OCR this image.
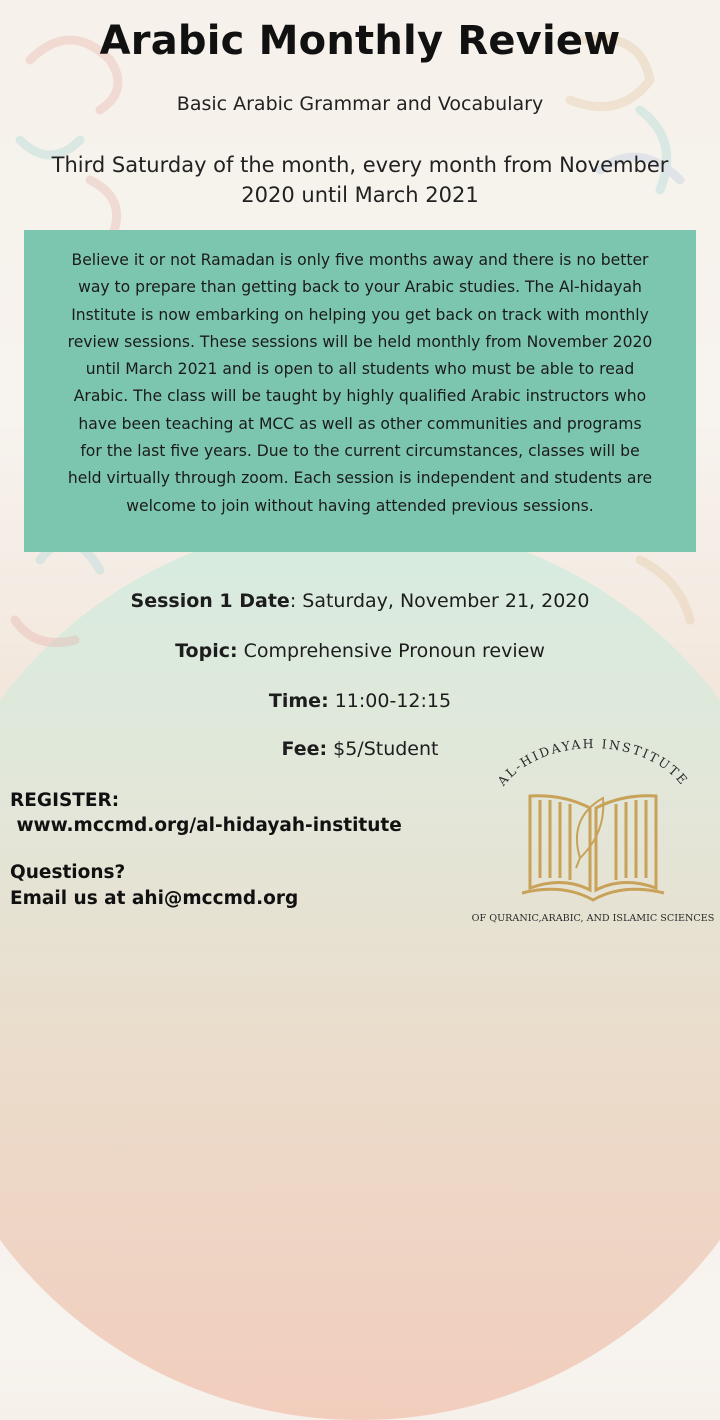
Arabic Monthly Review
Basic Arabic Grammar and Vocabulary
Third Saturday of the month, every month from November
2020 until March 2021

Believe it or not Ramadan is only five months away and there is no better
way to prepare than getting back to your Arabic studies. The Al-hidayah
Institute is now embarking on helping you get back on track with monthly
review sessions. These sessions will be held monthly from November 2020
until March 2021 and is open to all students who must be able to read
Arabic. The class will be taught by highly qualified Arabic instructors who
have been teaching at MCC as well as other communities and programs
for the last five years. Due to the current circumstances, classes will be
held virtually through zoom. Each session is independent and students are
welcome to join without having attended previous sessions.

Session 1 Date: Saturday, November 21, 2020
Topic: Comprehensive Pronoun review
Time: 11:00-12:15
Fee: $5/Student
REGISTER:
www.mccmd.org/al-hidayah-institute
Questions?
Email us at ahi@mccmd.org
AL-HIDAYAH INSTITUTE
OF QURANIC,ARABIC, AND ISLAMIC SCIENCES
